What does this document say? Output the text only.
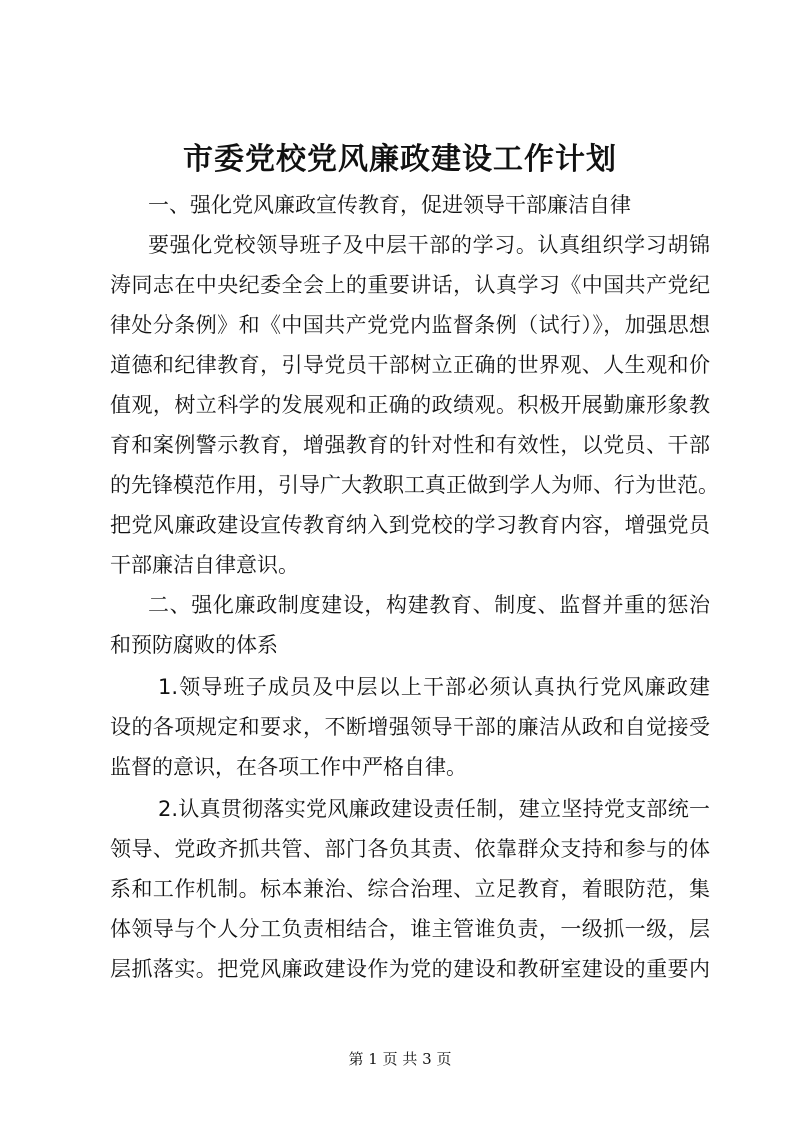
市委党校党风廉政建设工作计划
一、强化党风廉政宣传教育，促进领导干部廉洁自律
要强化党校领导班子及中层干部的学习。认真组织学习胡锦
涛同志在中央纪委全会上的重要讲话，认真学习《中国共产党纪
律处分条例》和《中国共产党党内监督条例（试行）》，加强思想
道德和纪律教育，引导党员干部树立正确的世界观、人生观和价
值观，树立科学的发展观和正确的政绩观。积极开展勤廉形象教
育和案例警示教育，增强教育的针对性和有效性，以党员、干部
的先锋模范作用，引导广大教职工真正做到学人为师、行为世范。
把党风廉政建设宣传教育纳入到党校的学习教育内容，增强党员
干部廉洁自律意识。
二、强化廉政制度建设，构建教育、制度、监督并重的惩治
和预防腐败的体系
1.领导班子成员及中层以上干部必须认真执行党风廉政建
设的各项规定和要求，不断增强领导干部的廉洁从政和自觉接受
监督的意识，在各项工作中严格自律。
2.认真贯彻落实党风廉政建设责任制，建立坚持党支部统一
领导、党政齐抓共管、部门各负其责、依靠群众支持和参与的体
系和工作机制。标本兼治、综合治理、立足教育，着眼防范，集
体领导与个人分工负责相结合，谁主管谁负责，一级抓一级，层
层抓落实。把党风廉政建设作为党的建设和教研室建设的重要内
第 1 页 共 3 页
